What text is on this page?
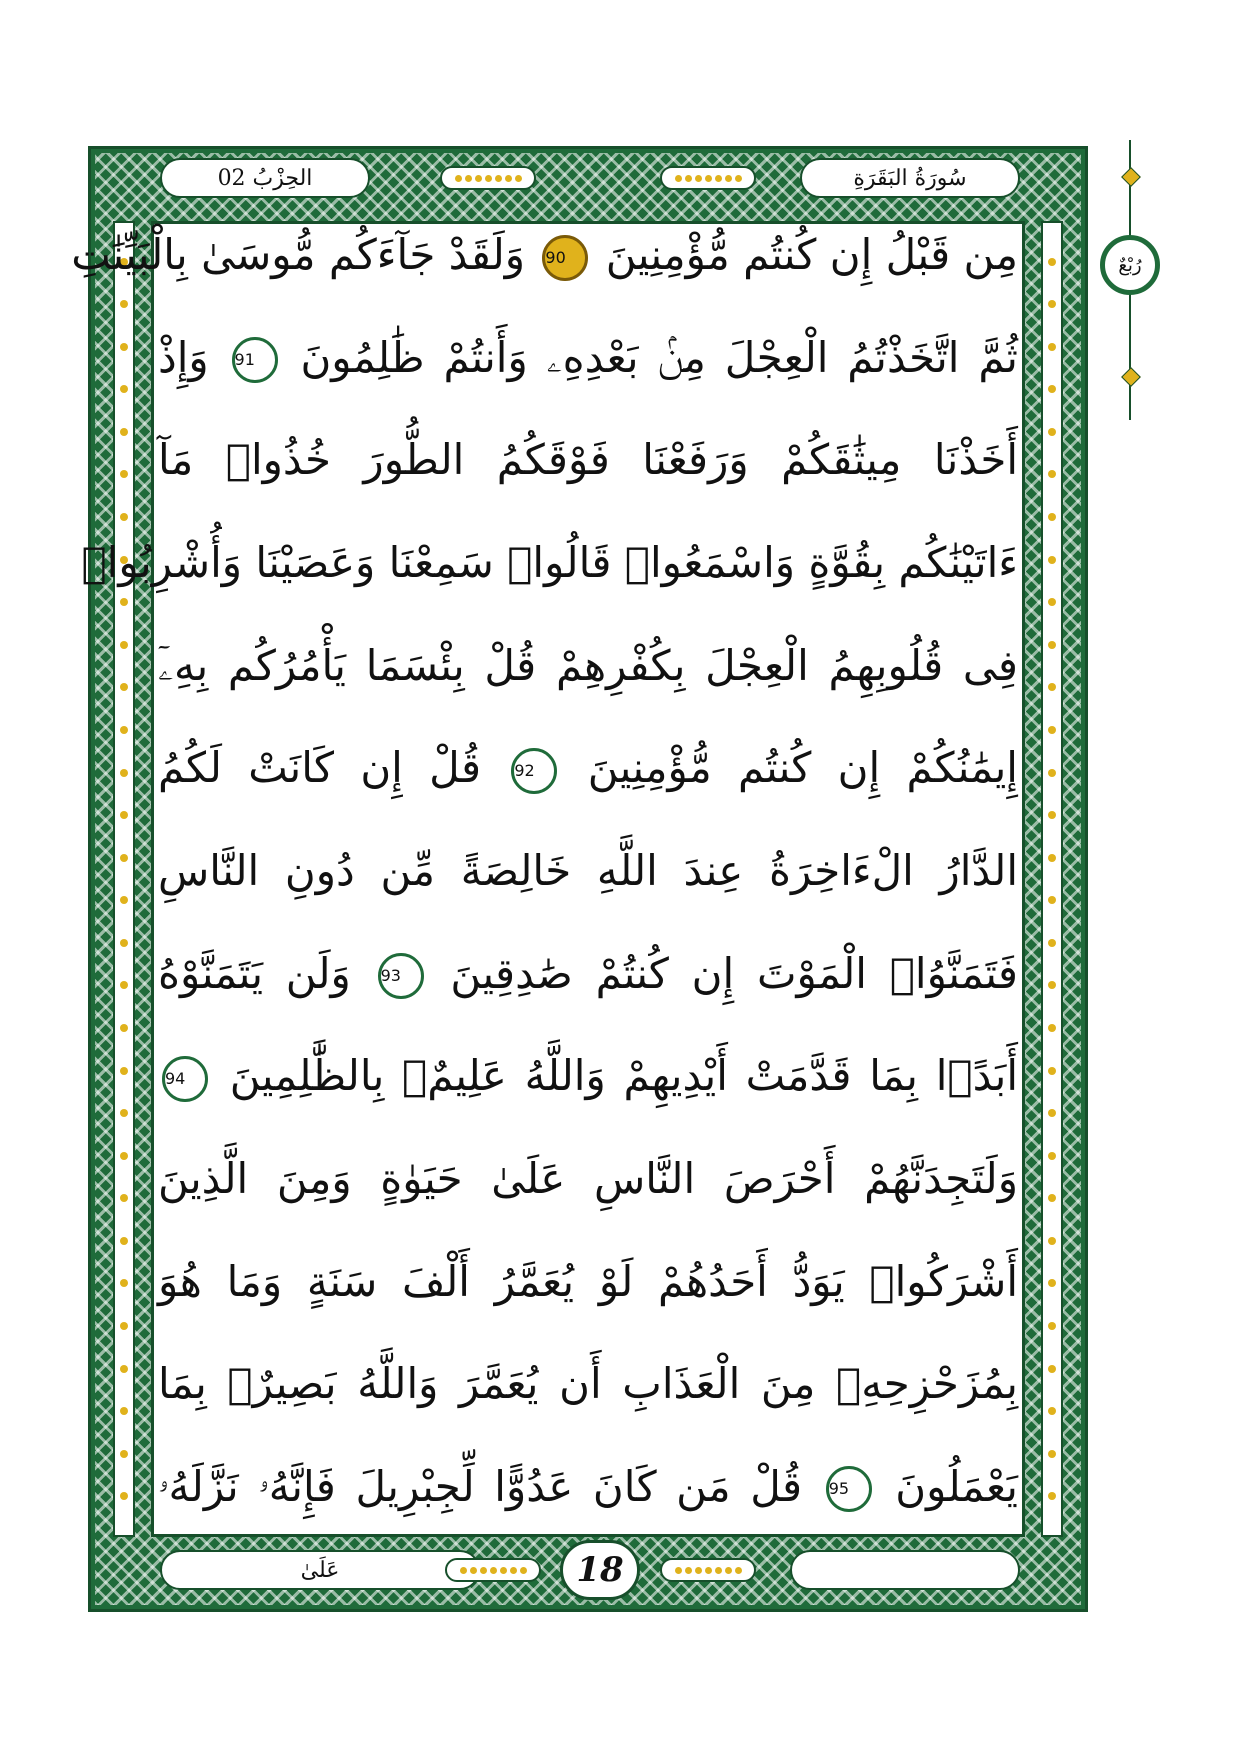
الحِزْبُ 02	سُورَةُ البَقَرَةِ
مِن قَبْلُ إِن كُنتُم مُّؤْمِنِينَ 90 وَلَقَدْ جَآءَكُم مُّوسَىٰ بِالْبَيِّنَٰتِ
ثُمَّ اتَّخَذْتُمُ الْعِجْلَ مِنۢ بَعْدِهِۦ وَأَنتُمْ ظَٰلِمُونَ 91 وَإِذْ
أَخَذْنَا مِيثَٰقَكُمْ وَرَفَعْنَا فَوْقَكُمُ الطُّورَ خُذُوا۟ مَآ
ءَاتَيْنَٰكُم بِقُوَّةٍ وَاسْمَعُوا۟ قَالُوا۟ سَمِعْنَا وَعَصَيْنَا وَأُشْرِبُوا۟
فِى قُلُوبِهِمُ الْعِجْلَ بِكُفْرِهِمْ قُلْ بِئْسَمَا يَأْمُرُكُم بِهِۦٓ
إِيمَٰنُكُمْ إِن كُنتُم مُّؤْمِنِينَ 92 قُلْ إِن كَانَتْ لَكُمُ
الدَّارُ الْءَاخِرَةُ عِندَ اللَّهِ خَالِصَةً مِّن دُونِ النَّاسِ
فَتَمَنَّوُا۟ الْمَوْتَ إِن كُنتُمْ صَٰدِقِينَ 93 وَلَن يَتَمَنَّوْهُ
أَبَدًۢا بِمَا قَدَّمَتْ أَيْدِيهِمْ وَاللَّهُ عَلِيمٌۢ بِالظَّٰلِمِينَ 94
وَلَتَجِدَنَّهُمْ أَحْرَصَ النَّاسِ عَلَىٰ حَيَوٰةٍ وَمِنَ الَّذِينَ
أَشْرَكُوا۟ يَوَدُّ أَحَدُهُمْ لَوْ يُعَمَّرُ أَلْفَ سَنَةٍ وَمَا هُوَ
بِمُزَحْزِحِهِۦ مِنَ الْعَذَابِ أَن يُعَمَّرَ وَاللَّهُ بَصِيرٌۢ بِمَا
يَعْمَلُونَ 95 قُلْ مَن كَانَ عَدُوًّا لِّجِبْرِيلَ فَإِنَّهُۥ نَزَّلَهُۥ
عَلَىٰ	18
رُبْعٌ
